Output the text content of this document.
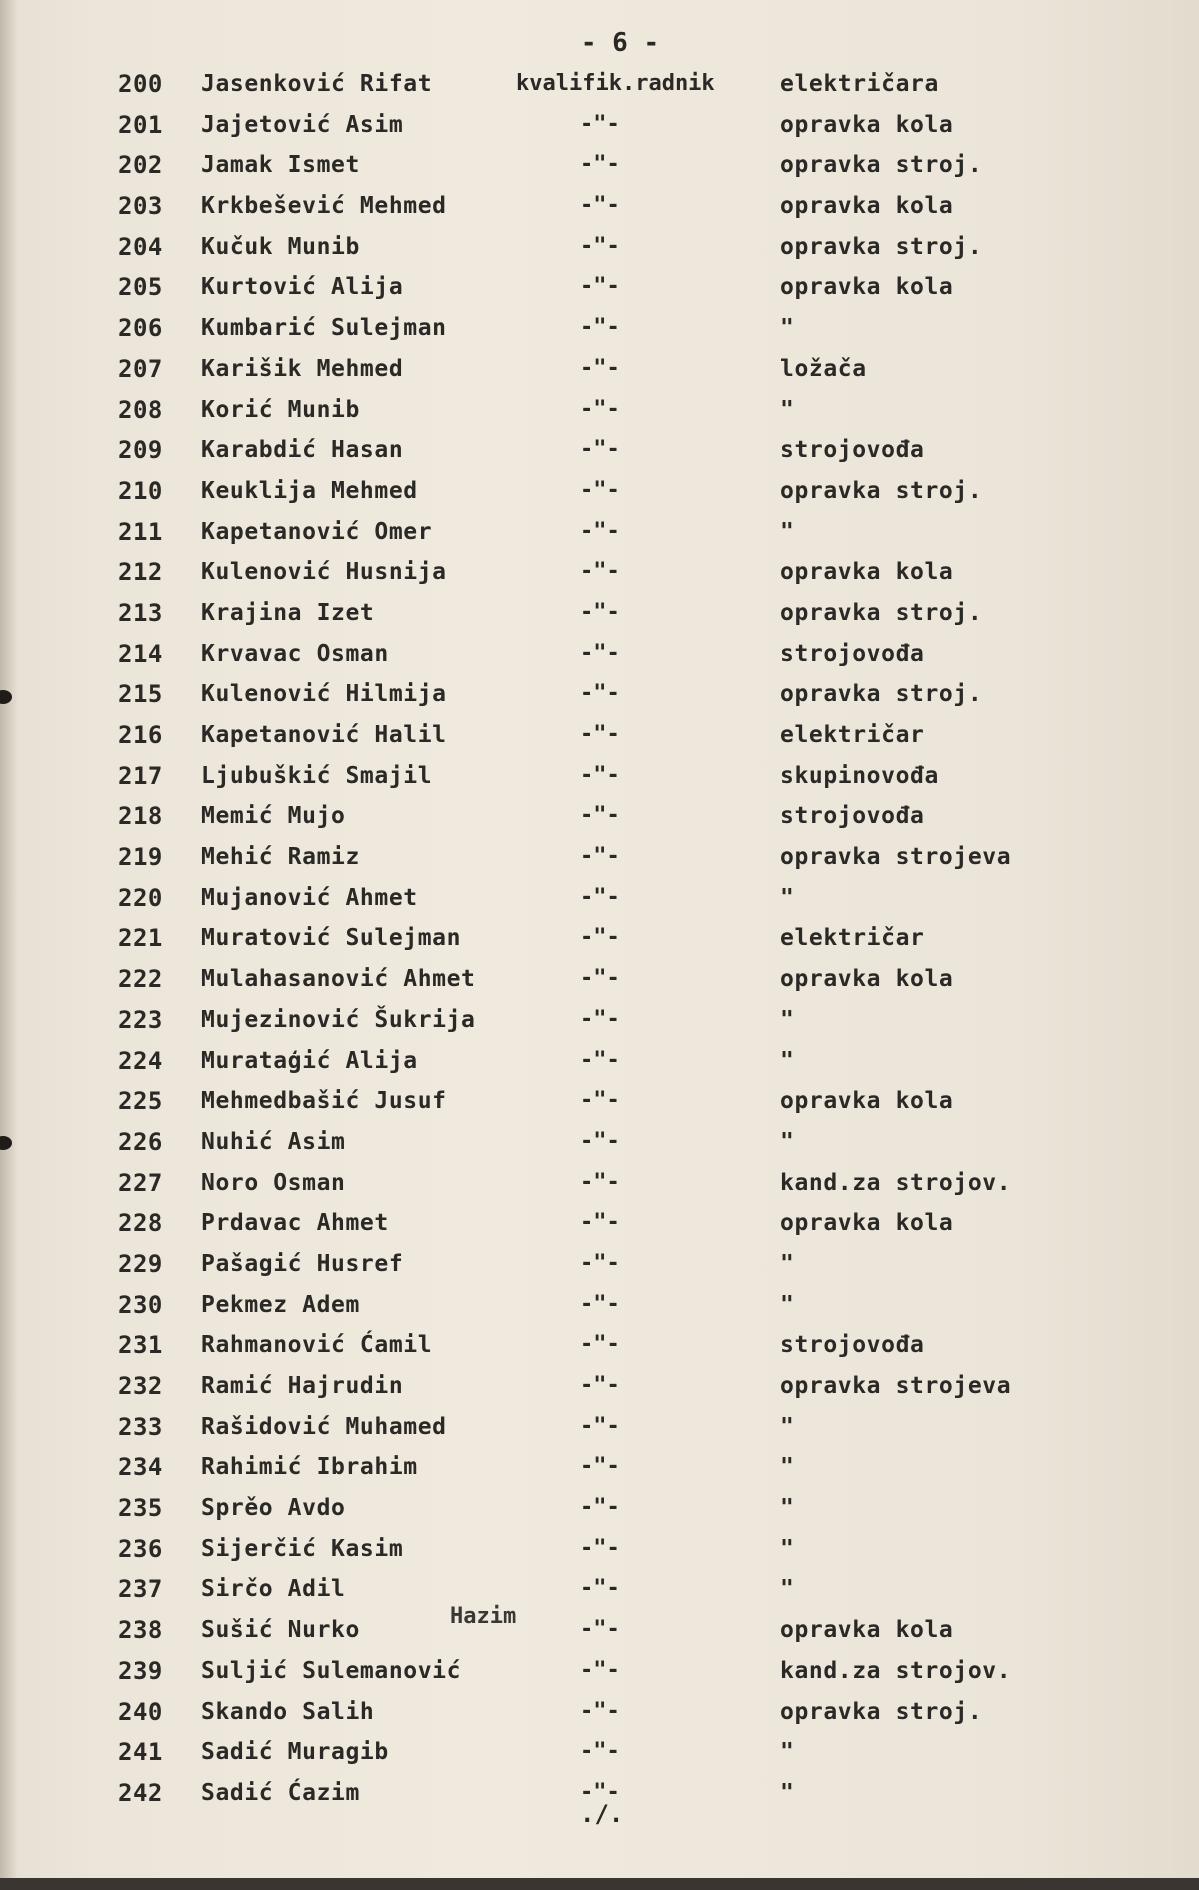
- 6 -
200 Jasenković Rifat	kvalifik.radnik	električara
201 Jajetović Asim	-"-	opravka kola
202 Jamak Ismet	-"-	opravka stroj.
203 Krkbešević Mehmed	-"-	opravka kola
204 Kučuk Munib	-"-	opravka stroj.
205 Kurtović Alija	-"-	opravka kola
206 Kumbarić Sulejman	-"-	"
207 Karišik Mehmed	-"-	ložača
208 Korić Munib	-"-	"
209 Karabdić Hasan	-"-	strojovođa
210 Keuklija Mehmed	-"-	opravka stroj.
211 Kapetanović Omer	-"-	"
212 Kulenović Husnija	-"-	opravka kola
213 Krajina Izet	-"-	opravka stroj.
214 Krvavac Osman	-"-	strojovođa
215 Kulenović Hilmija	-"-	opravka stroj.
216 Kapetanović Halil	-"-	električar
217 Ljubuškić Smajil	-"-	skupinovođa
218 Memić Mujo	-"-	strojovođa
219 Mehić Ramiz	-"-	opravka strojeva
220 Mujanović Ahmet	-"-	"
221 Muratović Sulejman	-"-	električar
222 Mulahasanović Ahmet	-"-	opravka kola
223 Mujezinović Šukrija	-"-	"
224 Murataģić Alija	-"-	"
225 Mehmedbašić Jusuf	-"-	opravka kola
226 Nuhić Asim	-"-	"
227 Noro Osman	-"-	kand.za strojov.
228 Prdavac Ahmet	-"-	opravka kola
229 Pašagić Husref	-"-	"
230 Pekmez Adem	-"-	"
231 Rahmanović Ćamil	-"-	strojovođa
232 Ramić Hajrudin	-"-	opravka strojeva
233 Rašidović Muhamed	-"-	"
234 Rahimić Ibrahim	-"-	"
235 Sprěo Avdo	-"-	"
236 Sijerčić Kasim	-"-	"
237 Sirčo Adil	-"-	"
238 Sušić Nurko	-"-	opravka kola
239 Suljić Sulemanović	-"-	kand.za strojov.
240 Skando Salih	-"-	opravka stroj.
241 Sadić Muragib	-"-	"
242 Sadić Ćazim	-"-	"
Hazim
./.
